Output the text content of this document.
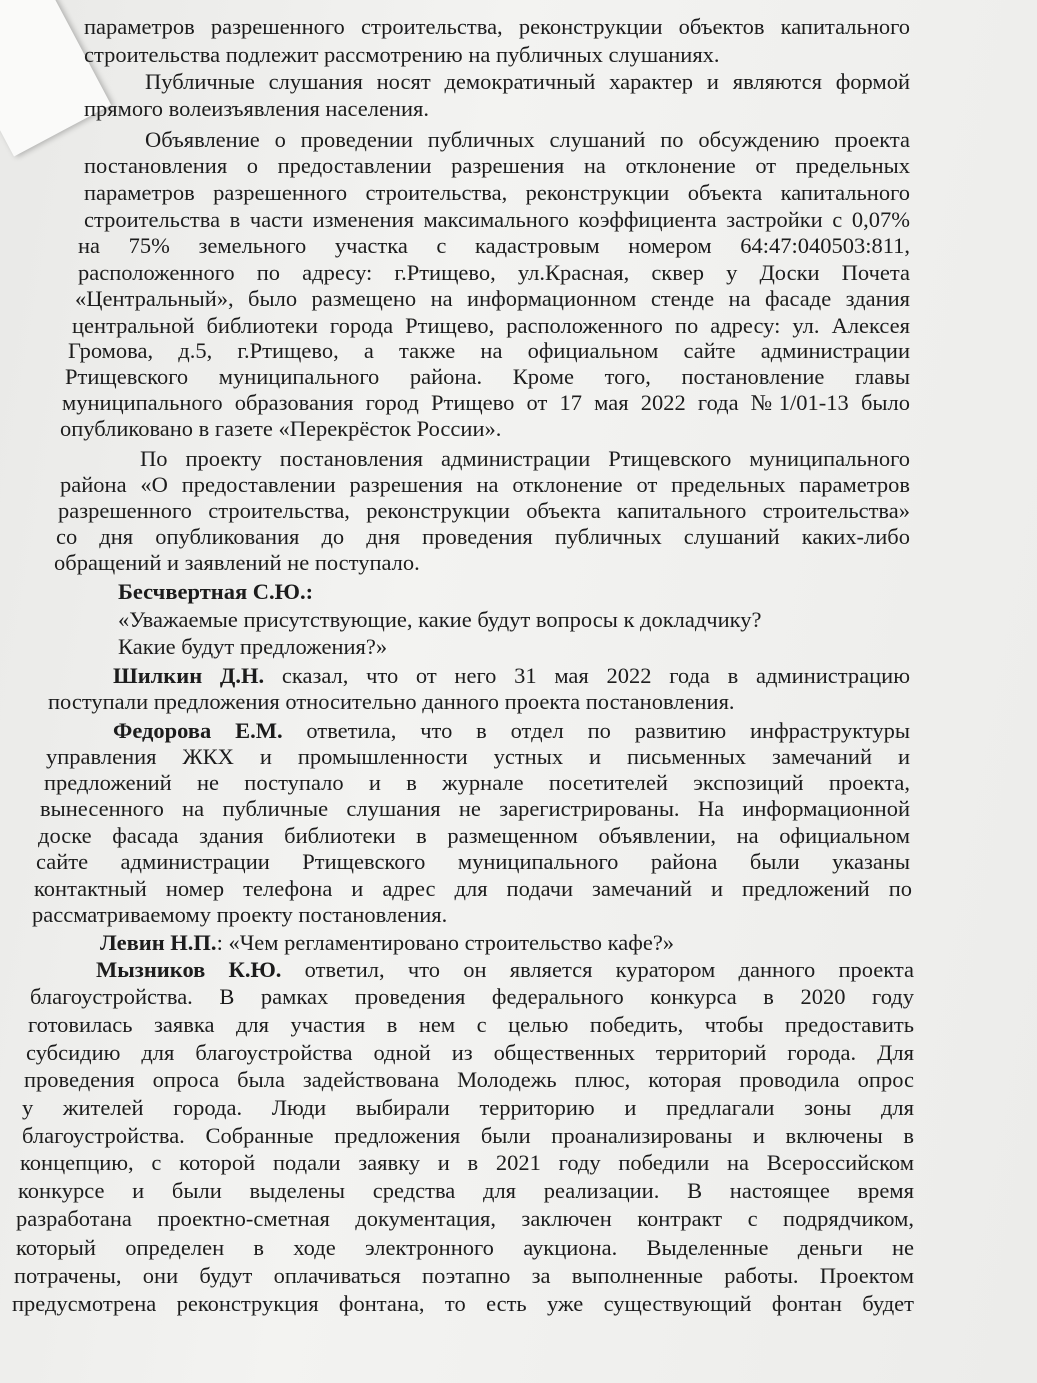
параметров разрешенного строительства, реконструкции объектов капитального
строительства подлежит рассмотрению на публичных слушаниях.
Публичные слушания носят демократичный характер и являются формой
прямого волеизъявления населения.
Объявление о проведении публичных слушаний по обсуждению проекта
постановления о предоставлении разрешения на отклонение от предельных
параметров разрешенного строительства, реконструкции объекта капитального
строительства в части изменения максимального коэффициента застройки с 0,07%
на 75% земельного участка с кадастровым номером 64:47:040503:811,
расположенного по адресу: г.Ртищево, ул.Красная, сквер у Доски Почета
«Центральный», было размещено на информационном стенде на фасаде здания
центральной библиотеки города Ртищево, расположенного по адресу: ул. Алексея
Громова, д.5, г.Ртищево, а также на официальном сайте администрации
Ртищевского муниципального района. Кроме того, постановление главы
муниципального образования город Ртищево от 17 мая 2022 года №1/01-13 было
опубликовано в газете «Перекрёсток России».
По проекту постановления администрации Ртищевского муниципального
района «О предоставлении разрешения на отклонение от предельных параметров
разрешенного строительства, реконструкции объекта капитального строительства»
со дня опубликования до дня проведения публичных слушаний каких-либо
обращений и заявлений не поступало.
Бесчвертная С.Ю.:
«Уважаемые присутствующие, какие будут вопросы к докладчику?
Какие будут предложения?»
Шилкин Д.Н. сказал, что от него 31 мая 2022 года в администрацию
поступали предложения относительно данного проекта постановления.
Федорова Е.М. ответила, что в отдел по развитию инфраструктуры
управления ЖКХ и промышленности устных и письменных замечаний и
предложений не поступало и в журнале посетителей экспозиций проекта,
вынесенного на публичные слушания не зарегистрированы. На информационной
доске фасада здания библиотеки в размещенном объявлении, на официальном
сайте администрации Ртищевского муниципального района были указаны
контактный номер телефона и адрес для подачи замечаний и предложений по
рассматриваемому проекту постановления.
Левин Н.П.: «Чем регламентировано строительство кафе?»
Мызников К.Ю. ответил, что он является куратором данного проекта
благоустройства. В рамках проведения федерального конкурса в 2020 году
готовилась заявка для участия в нем с целью победить, чтобы предоставить
субсидию для благоустройства одной из общественных территорий города. Для
проведения опроса была задействована Молодежь плюс, которая проводила опрос
у жителей города. Люди выбирали территорию и предлагали зоны для
благоустройства. Собранные предложения были проанализированы и включены в
концепцию, с которой подали заявку и в 2021 году победили на Всероссийском
конкурсе и были выделены средства для реализации. В настоящее время
разработана проектно-сметная документация, заключен контракт с подрядчиком,
который определен в ходе электронного аукциона. Выделенные деньги не
потрачены, они будут оплачиваться поэтапно за выполненные работы. Проектом
предусмотрена реконструкция фонтана, то есть уже существующий фонтан будет
